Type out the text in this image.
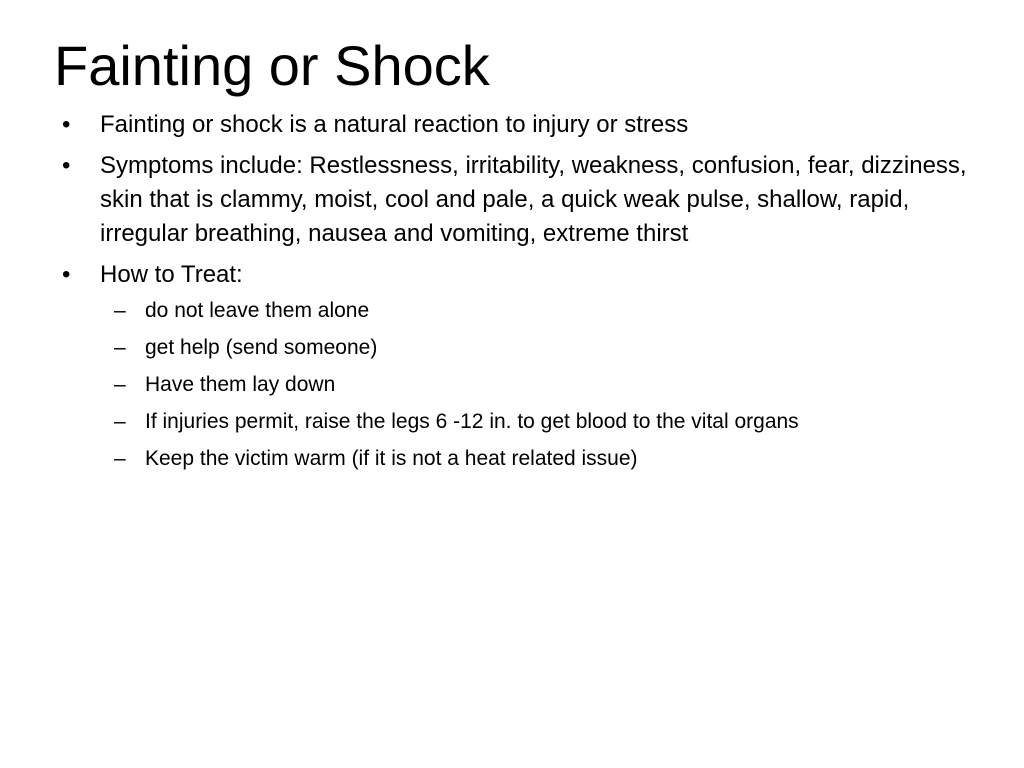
Fainting or Shock
• Fainting or shock is a natural reaction to injury or stress
• Symptoms include: Restlessness, irritability, weakness, confusion, fear, dizziness, skin that is clammy, moist, cool and pale, a quick weak pulse, shallow, rapid, irregular breathing, nausea and vomiting, extreme thirst
• How to Treat:
– do not leave them alone
– get help (send someone)
– Have them lay down
– If injuries permit, raise the legs 6 -12 in. to get blood to the vital organs
– Keep the victim warm (if it is not a heat related issue)
